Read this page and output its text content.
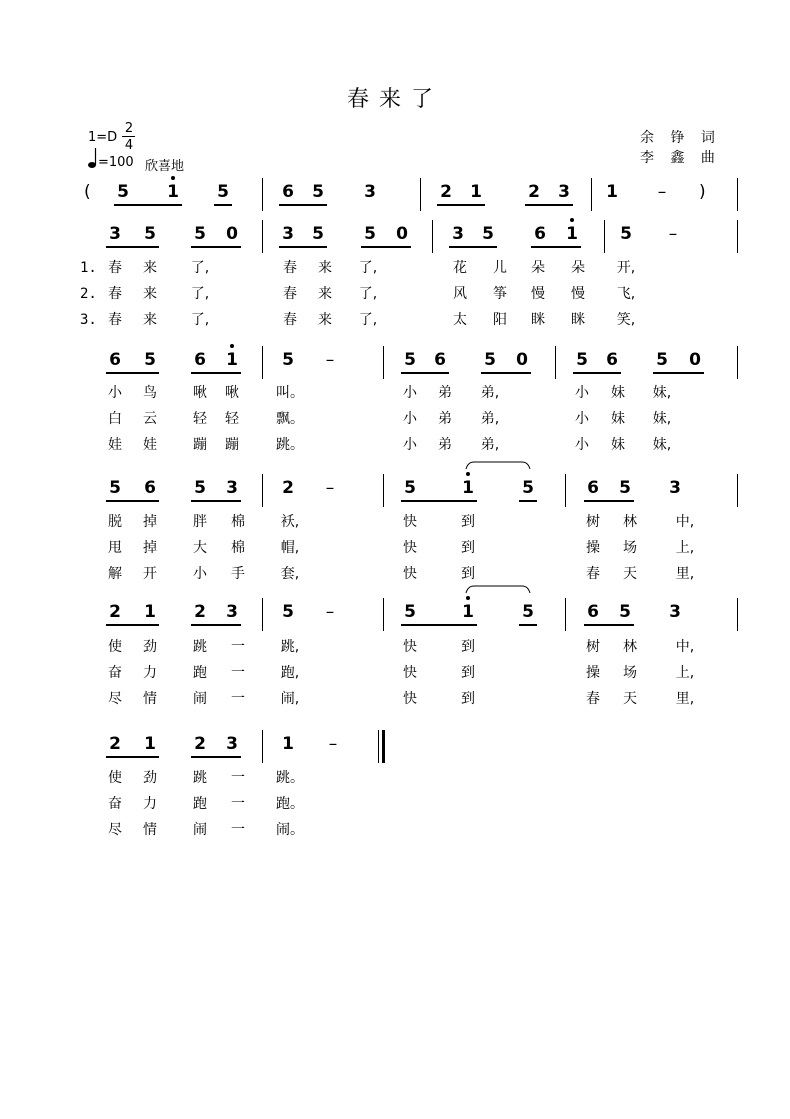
春来了
1=D
2
4
=100 欣喜地
余 铮 词
李 鑫 曲
(	5	1	5	6	5	3	2	1	2	3	1	–	)
3	5	5	0	3	5	5	0	3	5	6	1	5	–
1.
2.
3.
春	来	了,	春	来	了,	花	儿	朵	朵	开,
春	来	了,	春	来	了,	风	筝	慢	慢	飞,
春	来	了,	春	来	了,	太	阳	眯	眯	笑,
6	5	6	1	5	–	5	6	5	0	5	6	5	0
小	鸟	啾	啾	叫。	小	弟	弟,	小	妹	妹,
白	云	轻	轻	飘。	小	弟	弟,	小	妹	妹,
娃	娃	蹦	蹦	跳。	小	弟	弟,	小	妹	妹,
5	6	5	3	2	–	5	1	5	6	5	3
脱	掉	胖	棉	袄,	快	到	树	林	中,
甩	掉	大	棉	帽,	快	到	操	场	上,
解	开	小	手	套,	快	到	春	天	里,
2	1	2	3	5	–	5	1	5	6	5	3
使	劲	跳	一	跳,	快	到	树	林	中,
奋	力	跑	一	跑,	快	到	操	场	上,
尽	情	闹	一	闹,	快	到	春	天	里,
2	1	2	3	1	–
使	劲	跳	一	跳。
奋	力	跑	一	跑。
尽	情	闹	一	闹。
